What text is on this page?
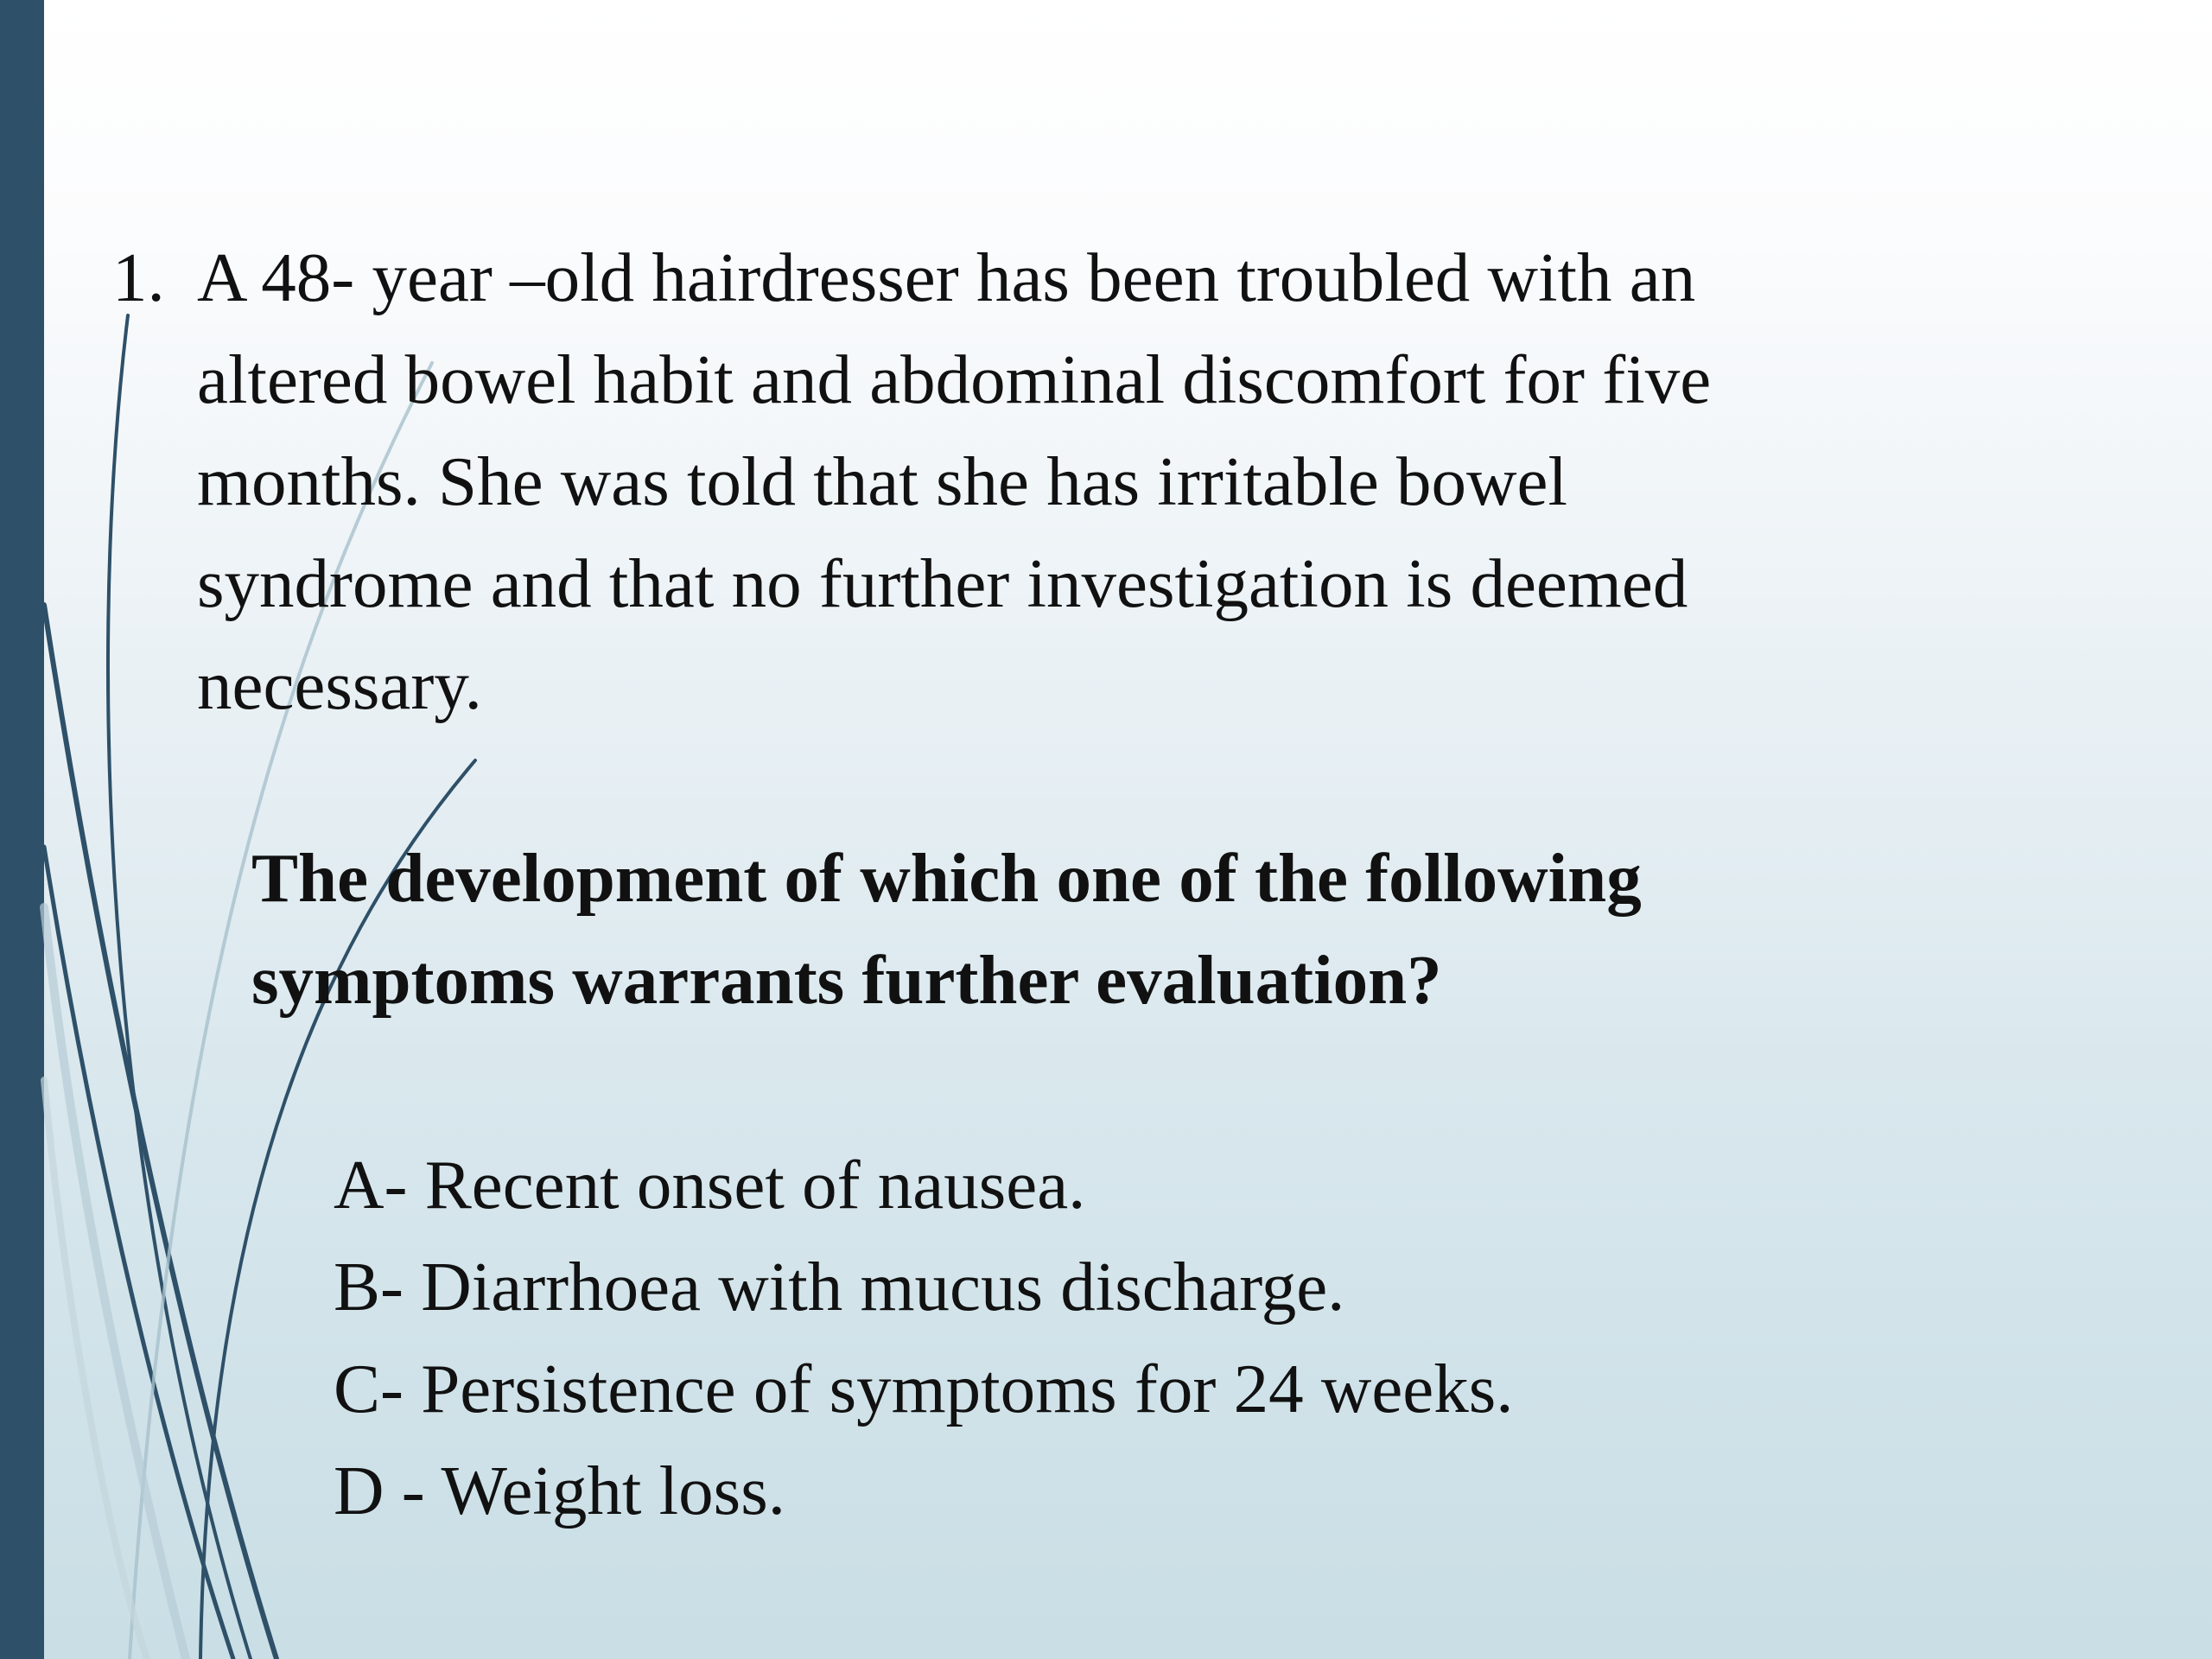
1. A 48- year –old hairdresser has been troubled with an altered bowel habit and abdominal discomfort for five months. She was told that she has irritable bowel syndrome and that no further investigation is deemed necessary.
The development of which one of the following symptoms warrants further evaluation?
A- Recent onset of nausea.
B- Diarrhoea with mucus discharge.
C- Persistence of symptoms for 24 weeks.
D - Weight loss.
